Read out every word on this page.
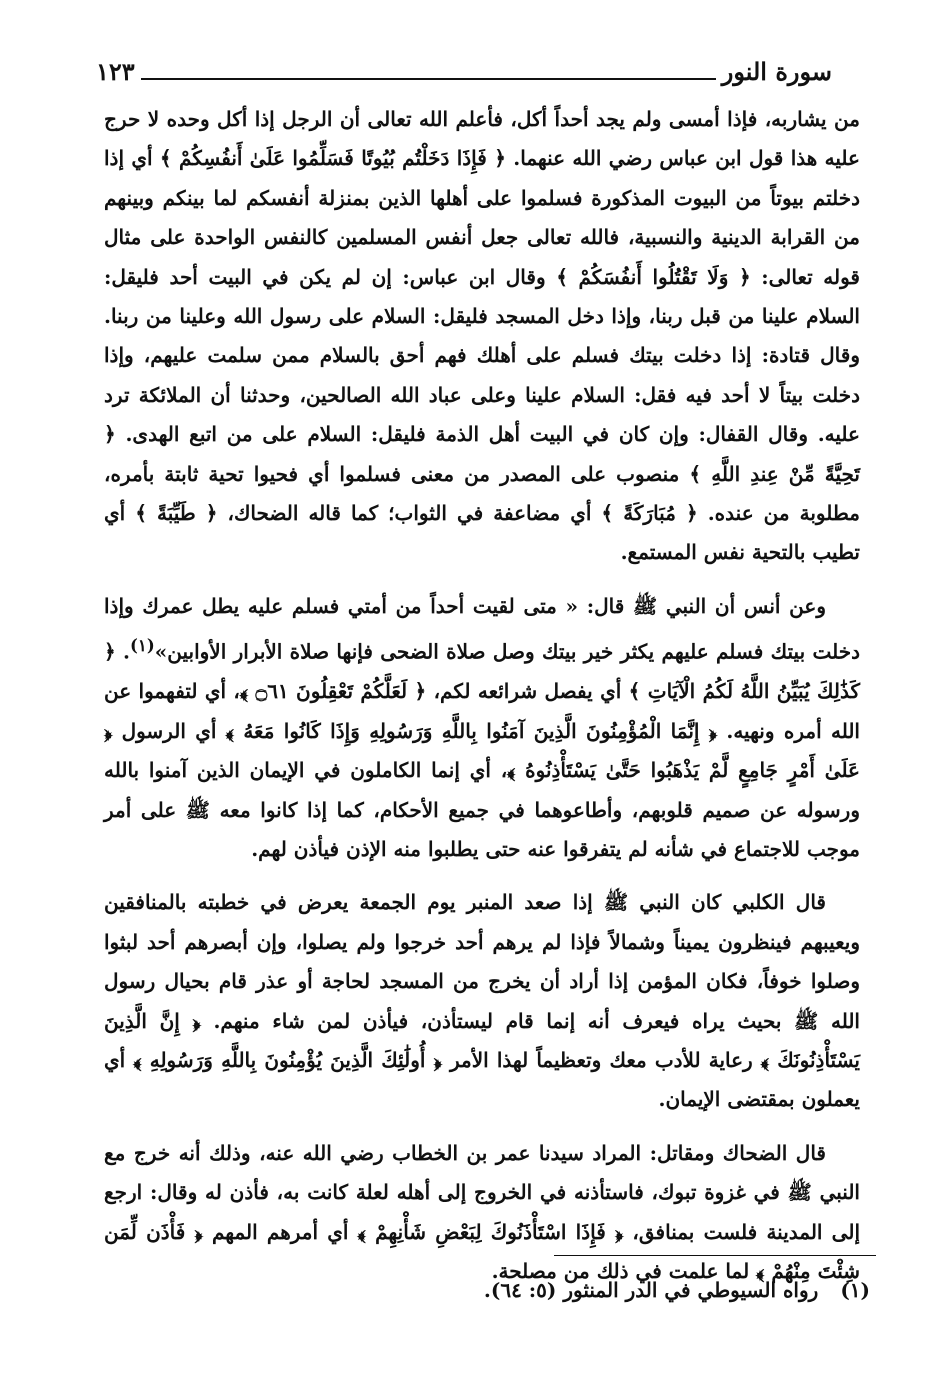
سورة النور
١٢٣

من يشاربه، فإذا أمسى ولم يجد أحداً أكل، فأعلم الله تعالى أن الرجل إذا أكل وحده لا حرج عليه هذا قول ابن عباس رضي الله عنهما. ﴿ فَإِذَا دَخَلْتُم بُيُوتًا فَسَلِّمُوا عَلَىٰ أَنفُسِكُمْ ﴾ أي إذا دخلتم بيوتاً من البيوت المذكورة فسلموا على أهلها الذين بمنزلة أنفسكم لما بينكم وبينهم من القرابة الدينية والنسبية، فالله تعالى جعل أنفس المسلمين كالنفس الواحدة على مثال قوله تعالى: ﴿ وَلَا تَقْتُلُوا أَنفُسَكُمْ ﴾ وقال ابن عباس: إن لم يكن في البيت أحد فليقل: السلام علينا من قبل ربنا، وإذا دخل المسجد فليقل: السلام على رسول الله وعلينا من ربنا. وقال قتادة: إذا دخلت بيتك فسلم على أهلك فهم أحق بالسلام ممن سلمت عليهم، وإذا دخلت بيتاً لا أحد فيه فقل: السلام علينا وعلى عباد الله الصالحين، وحدثنا أن الملائكة ترد عليه. وقال القفال: وإن كان في البيت أهل الذمة فليقل: السلام على من اتبع الهدى. ﴿ تَحِيَّةً مِّنْ عِندِ اللَّهِ ﴾ منصوب على المصدر من معنى فسلموا أي فحيوا تحية ثابتة بأمره، مطلوبة من عنده. ﴿ مُبَارَكَةً ﴾ أي مضاعفة في الثواب؛ كما قاله الضحاك، ﴿ طَيِّبَةً ﴾ أي تطيب بالتحية نفس المستمع.

وعن أنس أن النبي ﷺ قال: « متى لقيت أحداً من أمتي فسلم عليه يطل عمرك وإذا دخلت بيتك فسلم عليهم يكثر خير بيتك وصل صلاة الضحى فإنها صلاة الأبرار الأوابين»$^{(١)}$. ﴿ كَذَٰلِكَ يُبَيِّنُ اللَّهُ لَكُمُ الْآيَاتِ ﴾ أي يفصل شرائعه لكم، ﴿ لَعَلَّكُمْ تَعْقِلُونَ ۝٦١ ﴾، أي لتفهموا عن الله أمره ونهيه. ﴿ إِنَّمَا الْمُؤْمِنُونَ الَّذِينَ آمَنُوا بِاللَّهِ وَرَسُولِهِ وَإِذَا كَانُوا مَعَهُ ﴾ أي الرسول ﴿ عَلَىٰ أَمْرٍ جَامِعٍ لَّمْ يَذْهَبُوا حَتَّىٰ يَسْتَأْذِنُوهُ ﴾، أي إنما الكاملون في الإيمان الذين آمنوا بالله ورسوله عن صميم قلوبهم، وأطاعوهما في جميع الأحكام، كما إذا كانوا معه ﷺ على أمر موجب للاجتماع في شأنه لم يتفرقوا عنه حتى يطلبوا منه الإذن فيأذن لهم.

قال الكلبي كان النبي ﷺ إذا صعد المنبر يوم الجمعة يعرض في خطبته بالمنافقين ويعيبهم فينظرون يميناً وشمالاً فإذا لم يرهم أحد خرجوا ولم يصلوا، وإن أبصرهم أحد لبثوا وصلوا خوفاً، فكان المؤمن إذا أراد أن يخرج من المسجد لحاجة أو عذر قام بحيال رسول الله ﷺ بحيث يراه فيعرف أنه إنما قام ليستأذن، فيأذن لمن شاء منهم. ﴿ إِنَّ الَّذِينَ يَسْتَأْذِنُونَكَ ﴾ رعاية للأدب معك وتعظيماً لهذا الأمر ﴿ أُولَٰئِكَ الَّذِينَ يُؤْمِنُونَ بِاللَّهِ وَرَسُولِهِ ﴾ أي يعملون بمقتضى الإيمان.

قال الضحاك ومقاتل: المراد سيدنا عمر بن الخطاب رضي الله عنه، وذلك أنه خرج مع النبي ﷺ في غزوة تبوك، فاستأذنه في الخروج إلى أهله لعلة كانت به، فأذن له وقال: ارجع إلى المدينة فلست بمنافق، ﴿ فَإِذَا اسْتَأْذَنُوكَ لِبَعْضِ شَأْنِهِمْ ﴾ أي أمرهم المهم ﴿ فَأْذَن لِّمَن شِئْتَ مِنْهُمْ ﴾ لما علمت في ذلك من مصلحة.

(١)رواه السيوطي في الدر المنثور (٥: ٦٤).
